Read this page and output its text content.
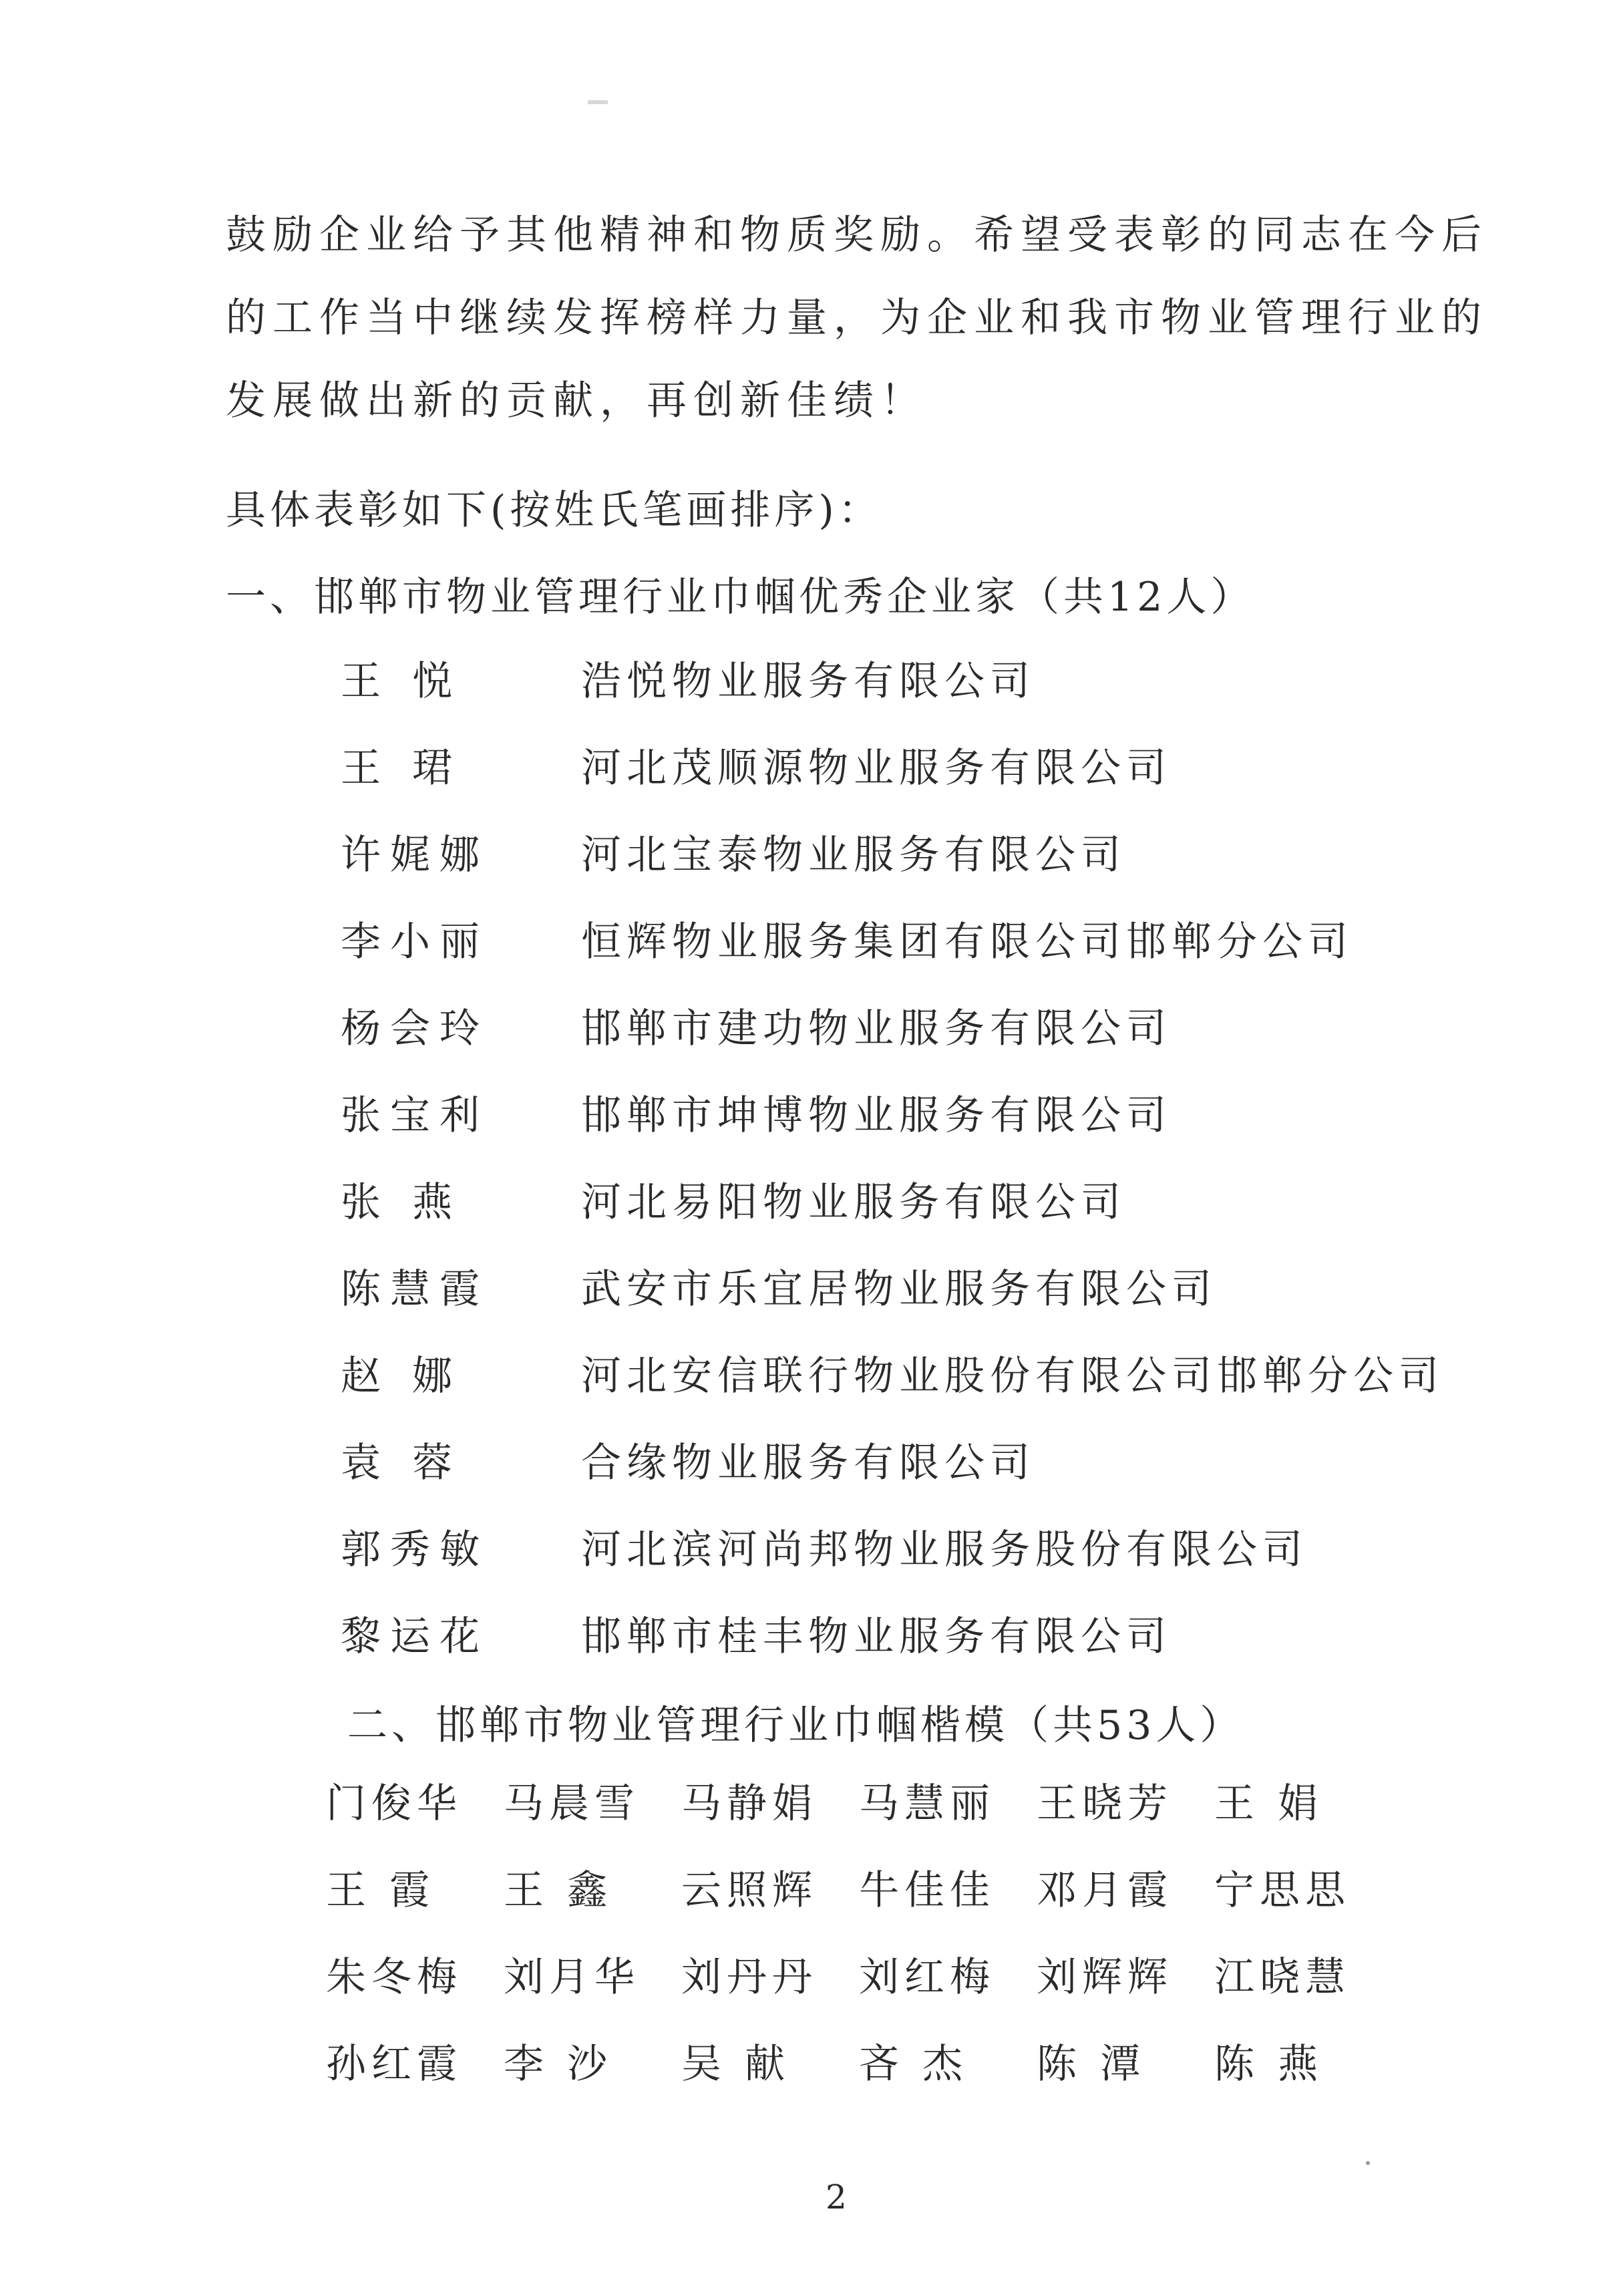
鼓励企业给予其他精神和物质奖励。希望受表彰的同志在今后
的工作当中继续发挥榜样力量，为企业和我市物业管理行业的
发展做出新的贡献，再创新佳绩！
具体表彰如下(按姓氏笔画排序)：
一、邯郸市物业管理行业巾帼优秀企业家（共12人）
王 悦	浩悦物业服务有限公司
王 珺	河北茂顺源物业服务有限公司
许娓娜 河北宝泰物业服务有限公司
李小丽 恒辉物业服务集团有限公司邯郸分公司
杨会玲 邯郸市建功物业服务有限公司
张宝利 邯郸市坤博物业服务有限公司
张 燕	河北易阳物业服务有限公司
陈慧霞 武安市乐宜居物业服务有限公司
赵 娜	河北安信联行物业股份有限公司邯郸分公司
袁 蓉	合缘物业服务有限公司
郭秀敏 河北滨河尚邦物业服务股份有限公司
黎运花 邯郸市桂丰物业服务有限公司
二、邯郸市物业管理行业巾帼楷模（共53人）
门俊华 马晨雪 马静娟 马慧丽 王晓芳 王 娟
王 霞 王 鑫 云照辉 牛佳佳 邓月霞 宁思思
朱冬梅 刘月华 刘丹丹 刘红梅 刘辉辉 江晓慧
孙红霞 李 沙 吴 献 吝 杰 陈 潭 陈 燕
2
